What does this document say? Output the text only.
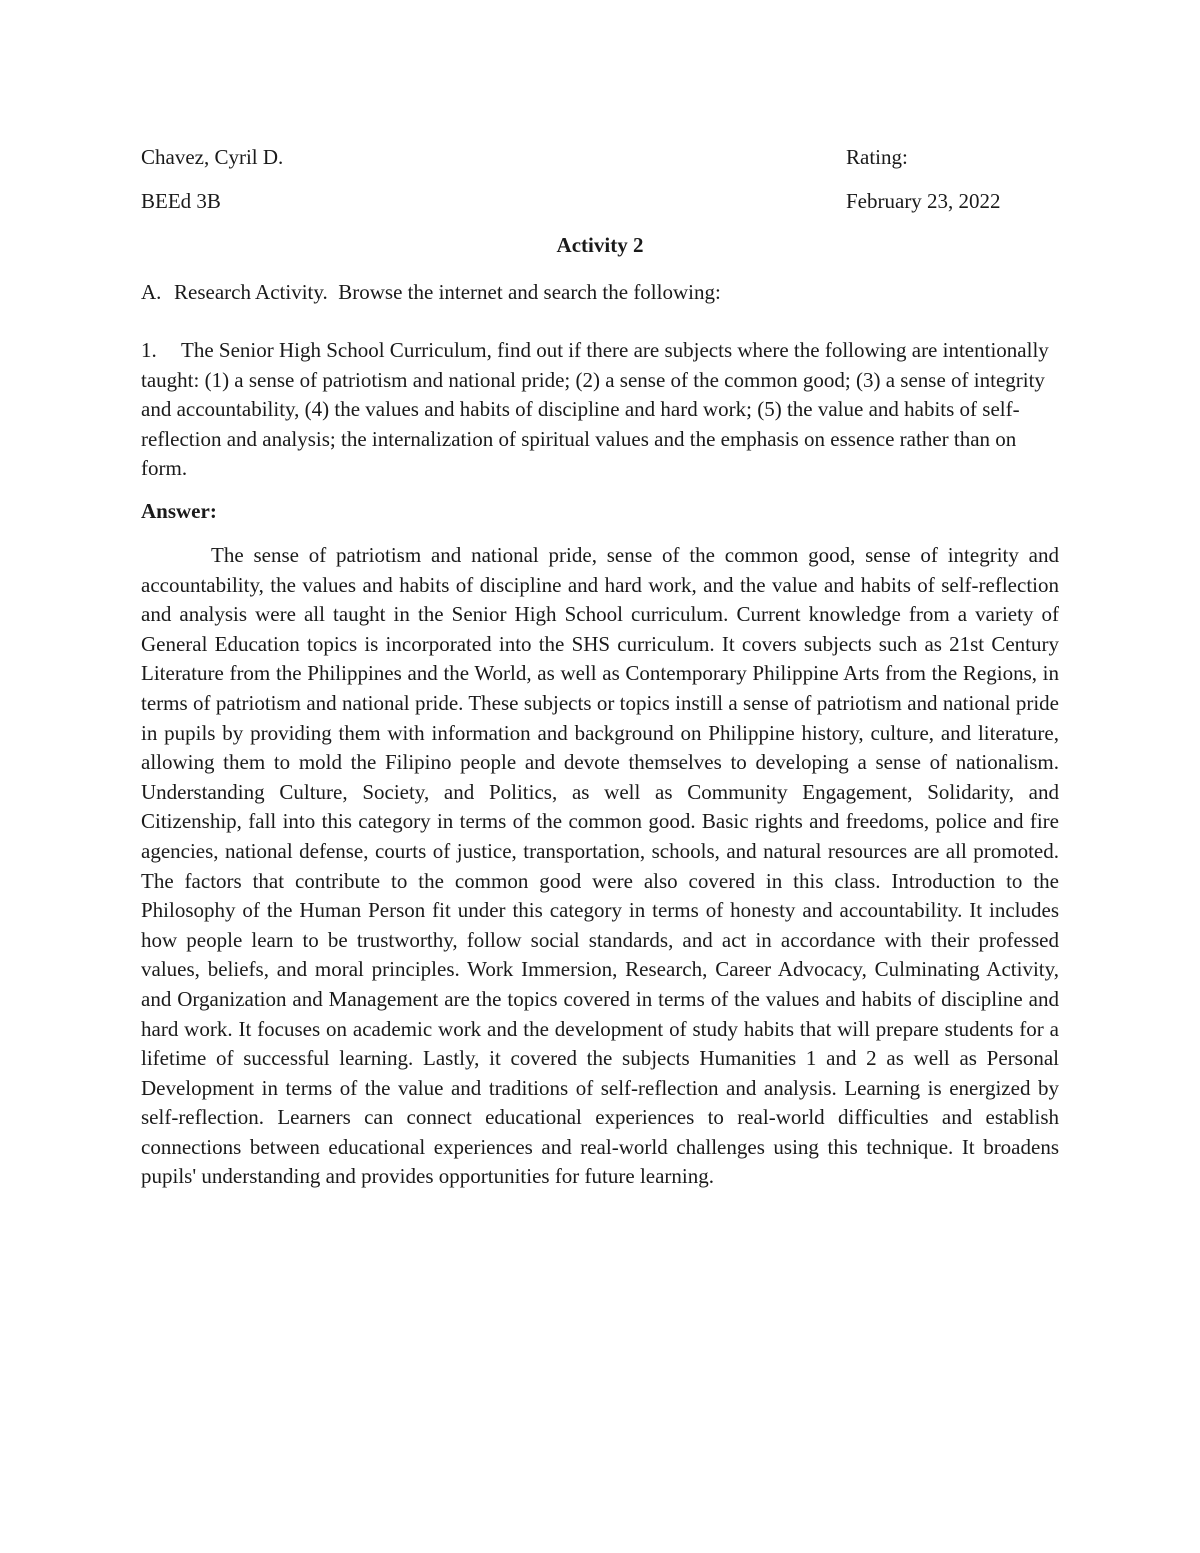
Chavez, Cyril D.	Rating:
BEEd 3B	February 23, 2022
Activity 2
A. Research Activity.  Browse the internet and search the following:
1. The Senior High School Curriculum, find out if there are subjects where the following are intentionally taught: (1) a sense of patriotism and national pride; (2) a sense of the common good; (3) a sense of integrity and accountability, (4) the values and habits of discipline and hard work; (5) the value and habits of self-reflection and analysis; the internalization of spiritual values and the emphasis on essence rather than on form.
Answer:

The sense of patriotism and national pride, sense of the common good, sense of integrity and accountability, the values and habits of discipline and hard work, and the value and habits of self-reflection and analysis were all taught in the Senior High School curriculum. Current knowledge from a variety of General Education topics is incorporated into the SHS curriculum. It covers subjects such as 21st Century Literature from the Philippines and the World, as well as Contemporary Philippine Arts from the Regions, in terms of patriotism and national pride. These subjects or topics instill a sense of patriotism and national pride in pupils by providing them with information and background on Philippine history, culture, and literature, allowing them to mold the Filipino people and devote themselves to developing a sense of nationalism. Understanding Culture, Society, and Politics, as well as Community Engagement, Solidarity, and Citizenship, fall into this category in terms of the common good. Basic rights and freedoms, police and fire agencies, national defense, courts of justice, transportation, schools, and natural resources are all promoted. The factors that contribute to the common good were also covered in this class. Introduction to the Philosophy of the Human Person fit under this category in terms of honesty and accountability. It includes how people learn to be trustworthy, follow social standards, and act in accordance with their professed values, beliefs, and moral principles. Work Immersion, Research, Career Advocacy, Culminating Activity, and Organization and Management are the topics covered in terms of the values and habits of discipline and hard work. It focuses on academic work and the development of study habits that will prepare students for a lifetime of successful learning. Lastly, it covered the subjects Humanities 1 and 2 as well as Personal Development in terms of the value and traditions of self-reflection and analysis. Learning is energized by self-reflection. Learners can connect educational experiences to real-world difficulties and establish connections between educational experiences and real-world challenges using this technique. It broadens pupils' understanding and provides opportunities for future learning.
